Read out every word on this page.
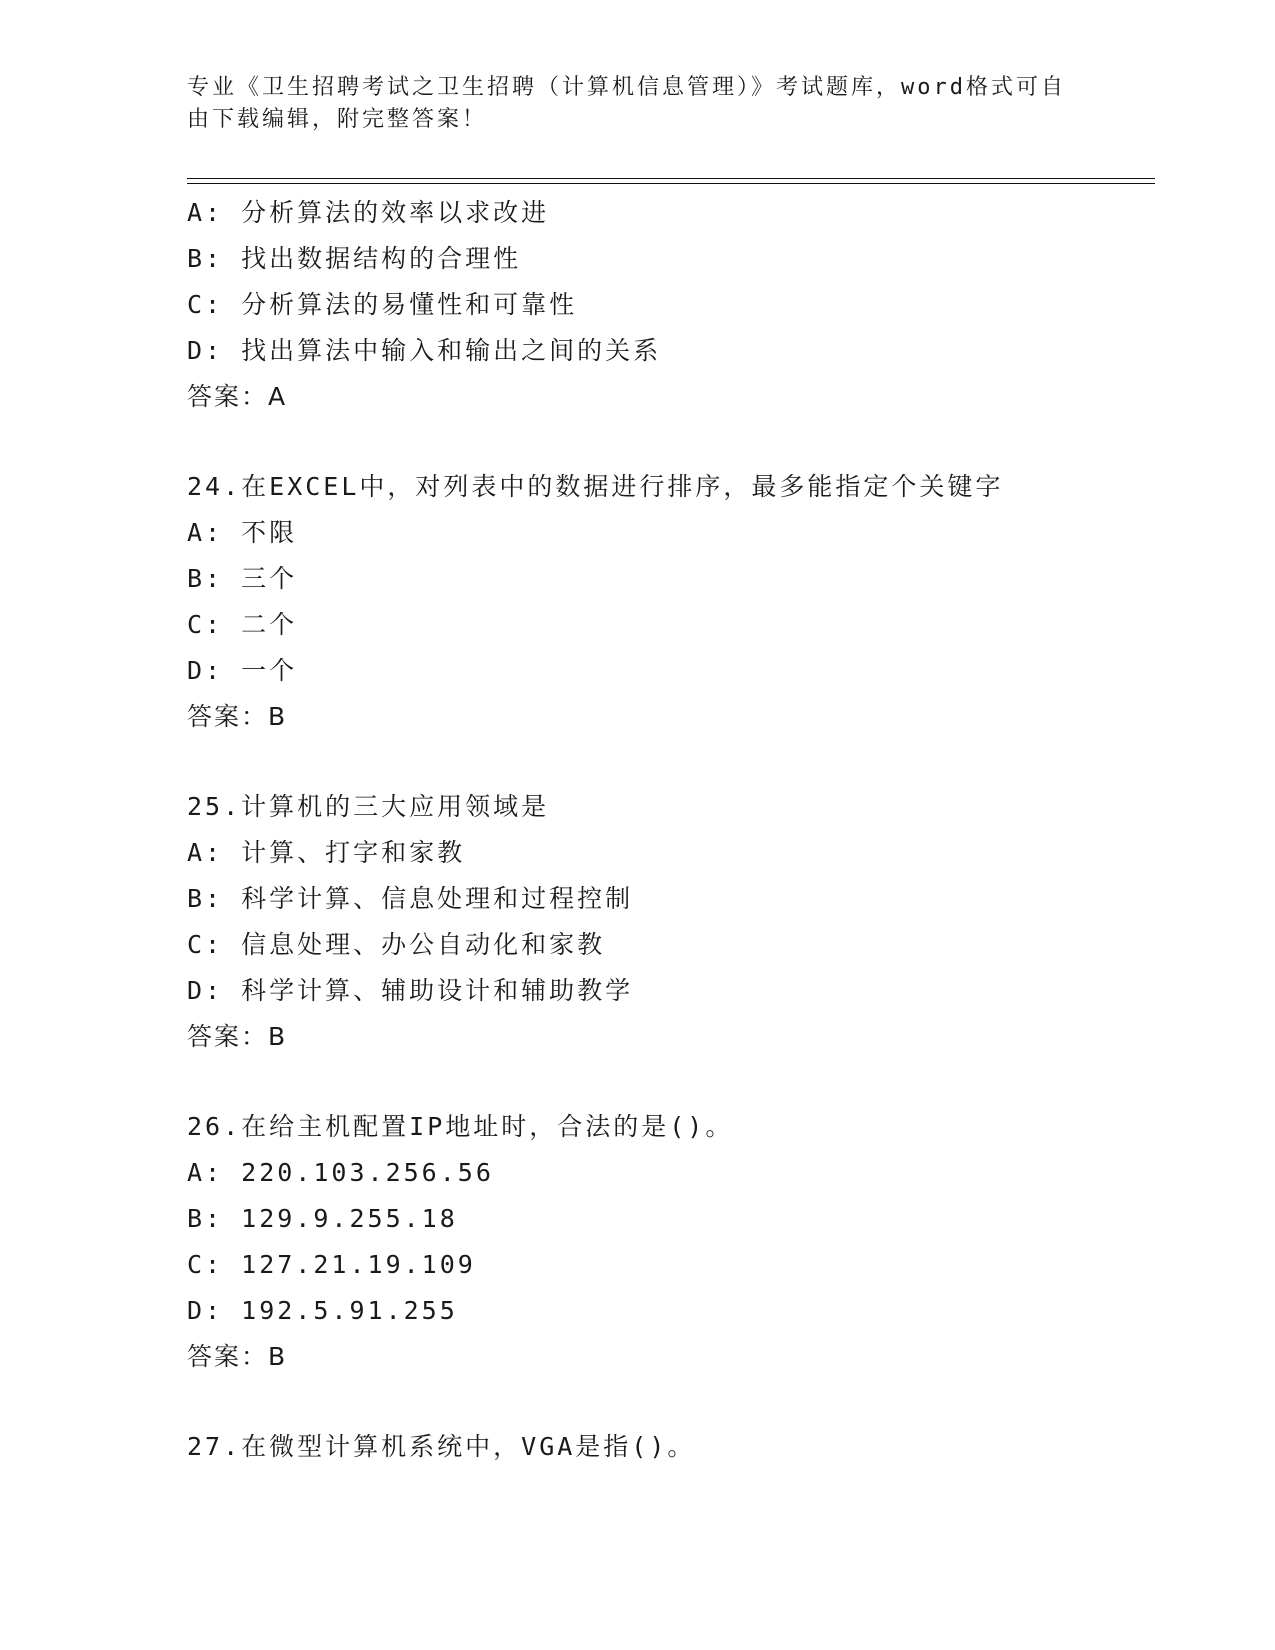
专业《卫生招聘考试之卫生招聘（计算机信息管理）》考试题库，word格式可自
由下载编辑，附完整答案！
A: 分析算法的效率以求改进
B: 找出数据结构的合理性
C: 分析算法的易懂性和可靠性
D: 找出算法中输入和输出之间的关系
答案：A
24.在EXCEL中，对列表中的数据进行排序，最多能指定个关键字
A: 不限
B: 三个
C: 二个
D: 一个
答案：B
25.计算机的三大应用领域是
A: 计算、打字和家教
B: 科学计算、信息处理和过程控制
C: 信息处理、办公自动化和家教
D: 科学计算、辅助设计和辅助教学
答案：B
26.在给主机配置IP地址时，合法的是()。
A: 220.103.256.56
B: 129.9.255.18
C: 127.21.19.109
D: 192.5.91.255
答案：B
27.在微型计算机系统中，VGA是指()。
